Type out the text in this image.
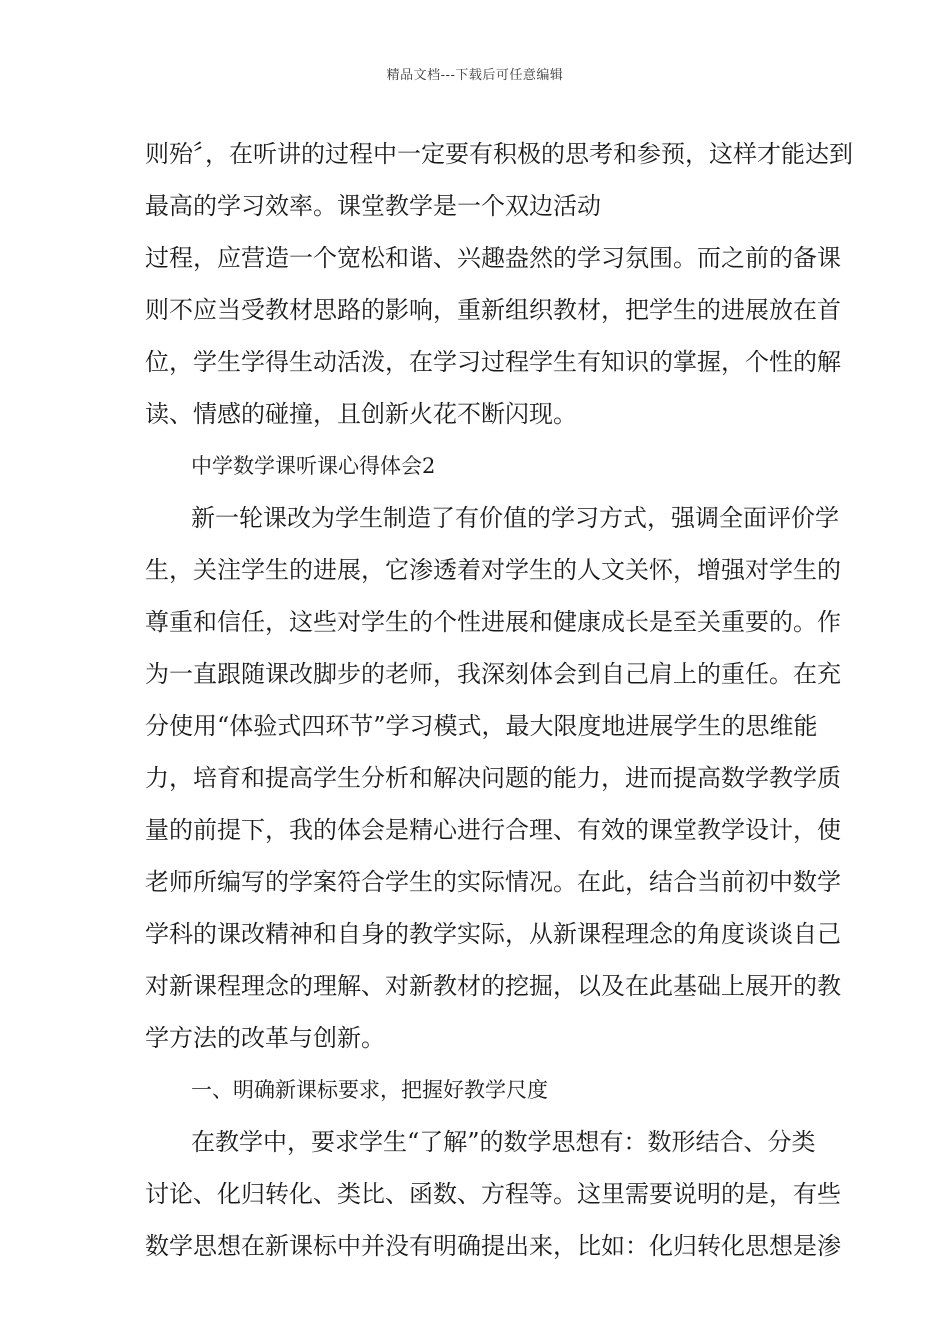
精品文档---下载后可任意编辑
则殆〞，在听讲的过程中一定要有积极的思考和参预，这样才能达到
最高的学习效率。课堂教学是一个双边活动
过程，应营造一个宽松和谐、兴趣盎然的学习氛围。而之前的备课
则不应当受教材思路的影响，重新组织教材，把学生的进展放在首
位，学生学得生动活泼，在学习过程学生有知识的掌握，个性的解
读、情感的碰撞，且创新火花不断闪现。
中学数学课听课心得体会2
新一轮课改为学生制造了有价值的学习方式，强调全面评价学
生，关注学生的进展，它渗透着对学生的人文关怀，增强对学生的
尊重和信任，这些对学生的个性进展和健康成长是至关重要的。作
为一直跟随课改脚步的老师，我深刻体会到自己肩上的重任。在充
分使用“体验式四环节”学习模式，最大限度地进展学生的思维能
力，培育和提高学生分析和解决问题的能力，进而提高数学教学质
量的前提下，我的体会是精心进行合理、有效的课堂教学设计，使
老师所编写的学案符合学生的实际情况。在此，结合当前初中数学
学科的课改精神和自身的教学实际，从新课程理念的角度谈谈自己
对新课程理念的理解、对新教材的挖掘，以及在此基础上展开的教
学方法的改革与创新。
一、明确新课标要求，把握好教学尺度
在教学中，要求学生“了解”的数学思想有：数形结合、分类
讨论、化归转化、类比、函数、方程等。这里需要说明的是，有些
数学思想在新课标中并没有明确提出来，比如：化归转化思想是渗
